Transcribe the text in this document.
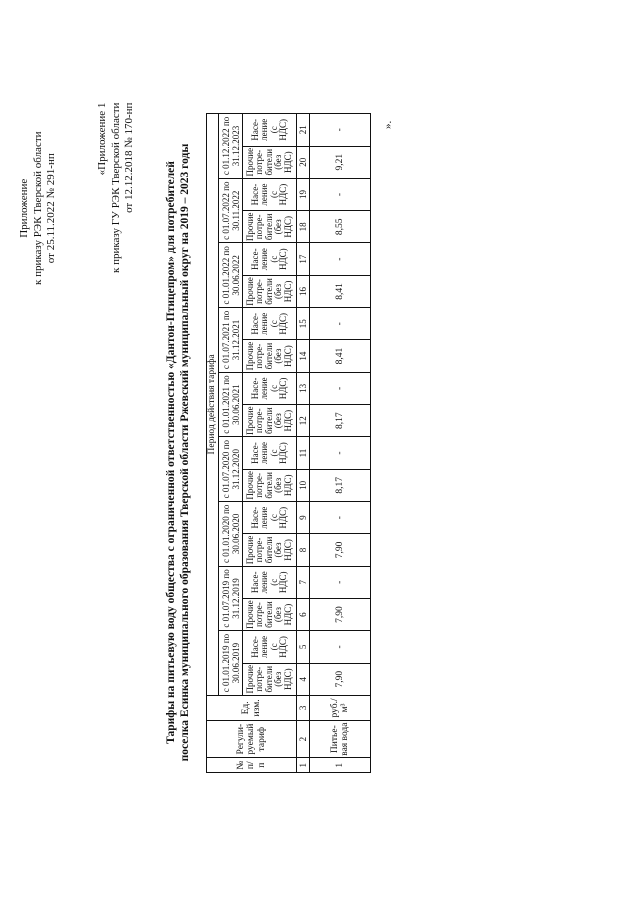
Приложение к приказу РЭК Тверской области от 25.11.2022 № 291-нп
«Приложение 1 к приказу ГУ РЭК Тверской области от 12.12.2018 № 170-нп
Тарифы на питьевую воду общества с ограниченной ответственностью «Дантон-Птицепром» для потребителей поселка Есинка муниципального образования Тверской области Ржевский муниципальный округ на 2019 – 2023 годы
№ п/п	Регули- руемый тариф	Ед. изм.	Период действия тарифа																	
			с 01.01.2019 по 30.06.2019		с 01.07.2019 по 31.12.2019		с 01.01.2020 по 30.06.2020		с 01.07.2020 по 31.12.2020		с 01.01.2021 по 30.06.2021		с 01.07.2021 по 31.12.2021		с 01.01.2022 по 30.06.2022		с 01.07.2022 по 30.11.2022		с 01.12.2022 по 31.12.2023	
			Прочие потре- бители (без НДС)	Насе- ление (с НДС)	Прочие потре- бители (без НДС)	Насе- ление (с НДС)	Прочие потре- бители (без НДС)	Насе- ление (с НДС)	Прочие потре- бители (без НДС)	Насе- ление (с НДС)	Прочие потре- бители (без НДС)	Насе- ление (с НДС)	Прочие потре- бители (без НДС)	Насе- ление (с НДС)	Прочие потре- бители (без НДС)	Насе- ление (с НДС)	Прочие потре- бители (без НДС)	Насе- ление (с НДС)	Прочие потре- бители (без НДС)	Насе- ление (с НДС)
1	2	3	4	5	6	7	8	9	10	11	12	13	14	15	16	17	18	19	20	21
1	Питье- вая вода	руб./ м³	7,90	-	7,90	-	7,90	-	8,17	-	8,17	-	8,41	-	8,41	-	8,55	-	9,21	-
».
